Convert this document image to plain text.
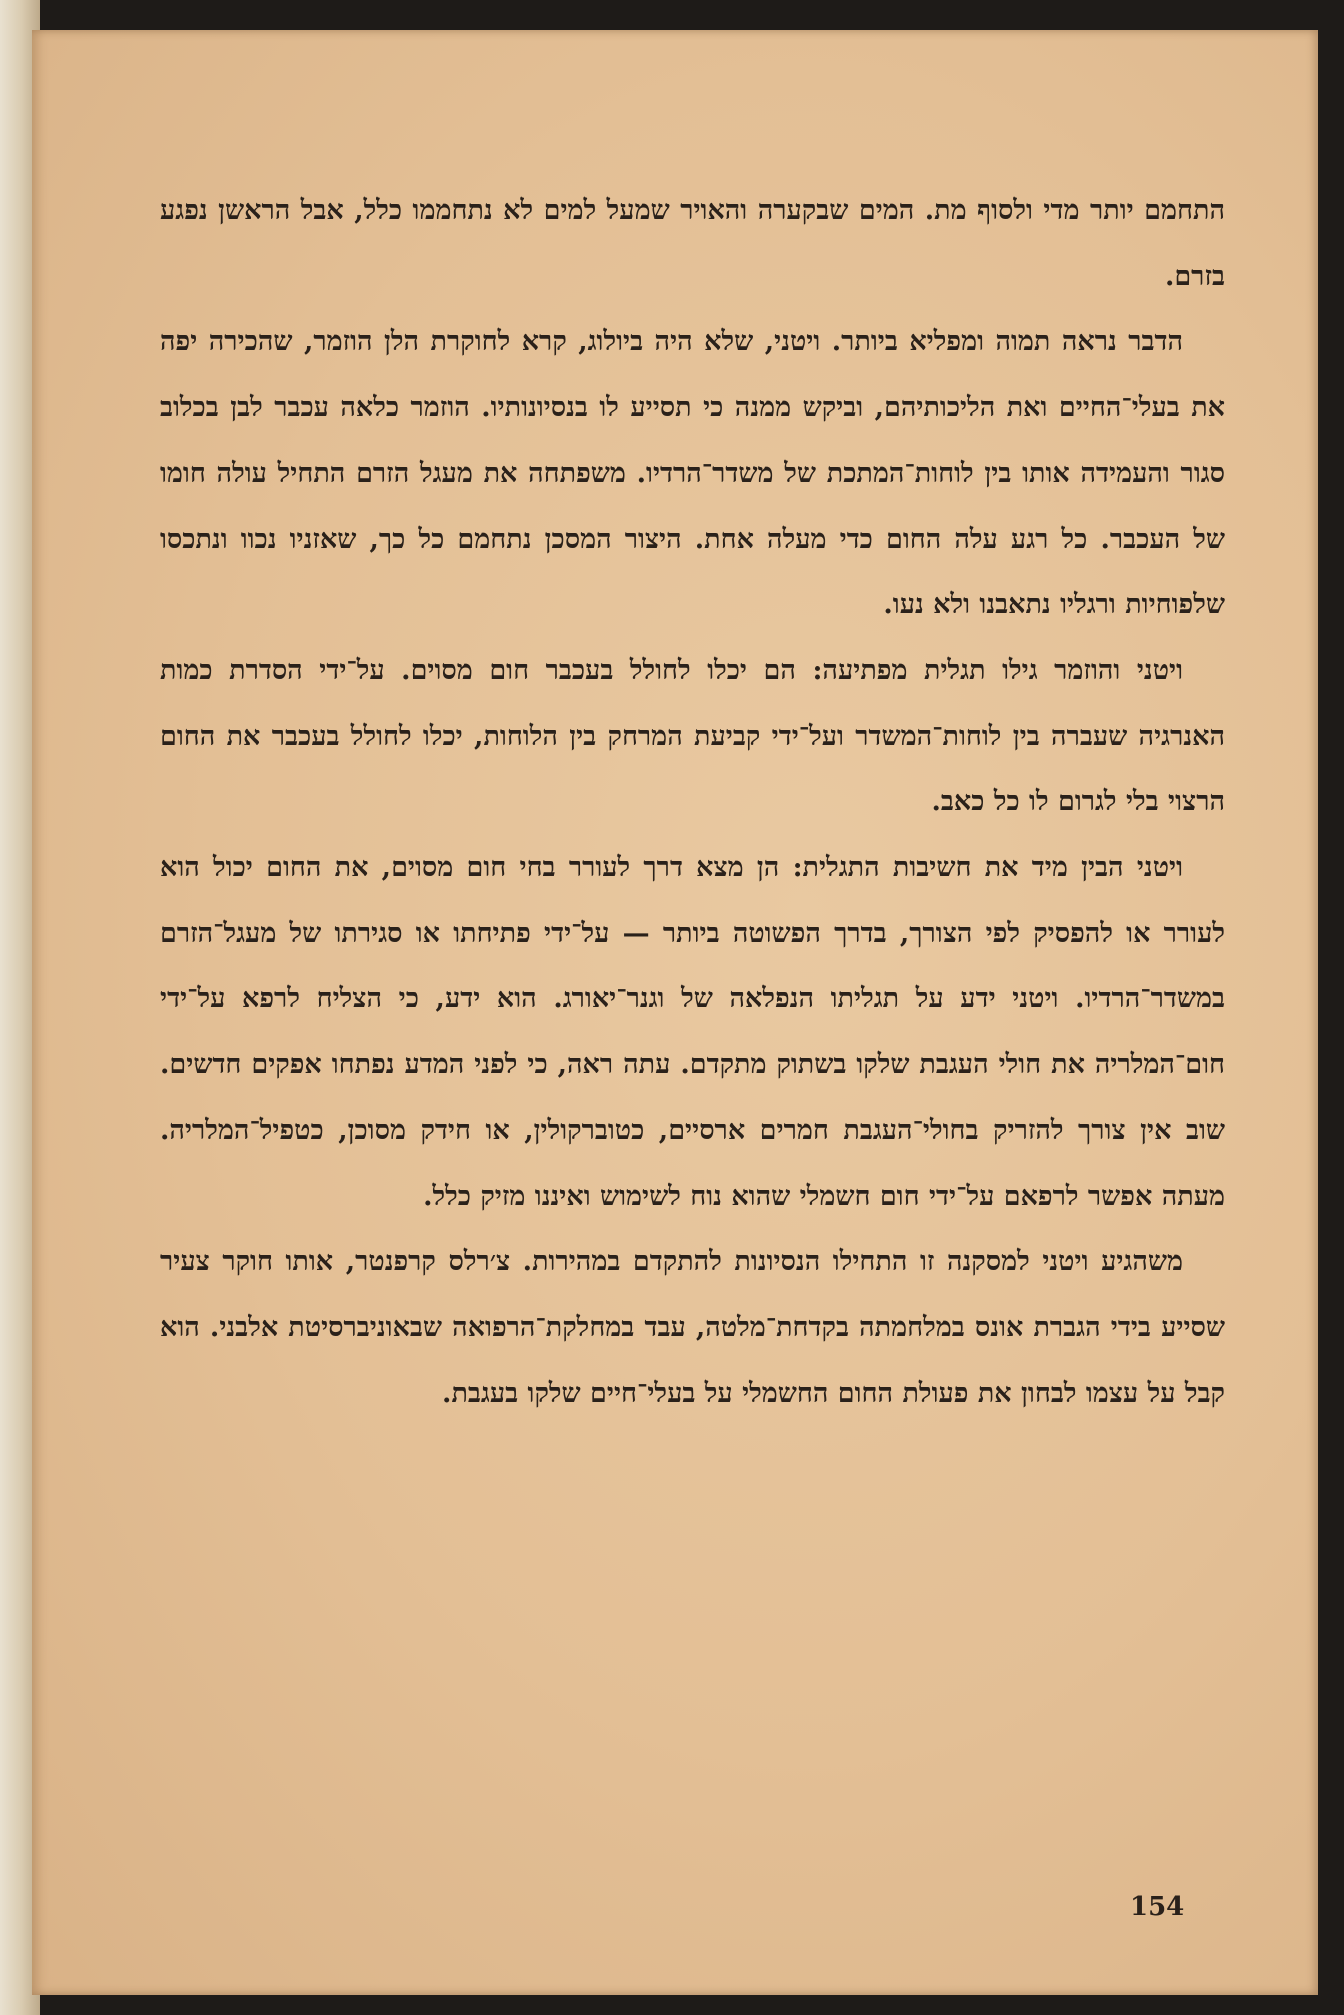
התחמם יותר מדי ולסוף מת. המים שבקערה והאויר שמעל למים לא נתחממו כלל, אבל הראשן נפגע בזרם.

הדבר נראה תמוה ומפליא ביותר. ויטני, שלא היה ביולוג, קרא לחוקרת הלן הוזמר, שהכירה יפה את בעלי־החיים ואת הליכותיהם, וביקש ממנה כי תסייע לו בנסיונותיו. הוזמר כלאה עכבר לבן בכלוב סגור והעמידה אותו בין לוחות־המתכת של משדר־הרדיו. משפתחה את מעגל הזרם התחיל עולה חומו של העכבר. כל רגע עלה החום כדי מעלה אחת. היצור המסכן נתחמם כל כך, שאזניו נכוו ונתכסו שלפוחיות ורגליו נתאבנו ולא נעו.

ויטני והוזמר גילו תגלית מפתיעה: הם יכלו לחולל בעכבר חום מסוים. על־ידי הסדרת כמות האנרגיה שעברה בין לוחות־המשדר ועל־ידי קביעת המרחק בין הלוחות, יכלו לחולל בעכבר את החום הרצוי בלי לגרום לו כל כאב.

ויטני הבין מיד את חשיבות התגלית: הן מצא דרך לעורר בחי חום מסוים, את החום יכול הוא לעורר או להפסיק לפי הצורך, בדרך הפשוטה ביותר — על־ידי פתיחתו או סגירתו של מעגל־הזרם במשדר־הרדיו. ויטני ידע על תגליתו הנפלאה של וגנר־יאורג. הוא ידע, כי הצליח לרפא על־ידי חום־המלריה את חולי העגבת שלקו בשתוק מתקדם. עתה ראה, כי לפני המדע נפתחו אפקים חדשים. שוב אין צורך להזריק בחולי־העגבת חמרים ארסיים, כטוברקולין, או חידק מסוכן, כטפיל־המלריה. מעתה אפשר לרפאם על־ידי חום חשמלי שהוא נוח לשימוש ואיננו מזיק כלל.

משהגיע ויטני למסקנה זו התחילו הנסיונות להתקדם במהירות. צ׳רלס קרפנטר, אותו חוקר צעיר שסייע בידי הגברת אונס במלחמתה בקדחת־מלטה, עבד במחלקת־הרפואה שבאוניברסיטת אלבני. הוא קבל על עצמו לבחון את פעולת החום החשמלי על בעלי־חיים שלקו בעגבת.

154
